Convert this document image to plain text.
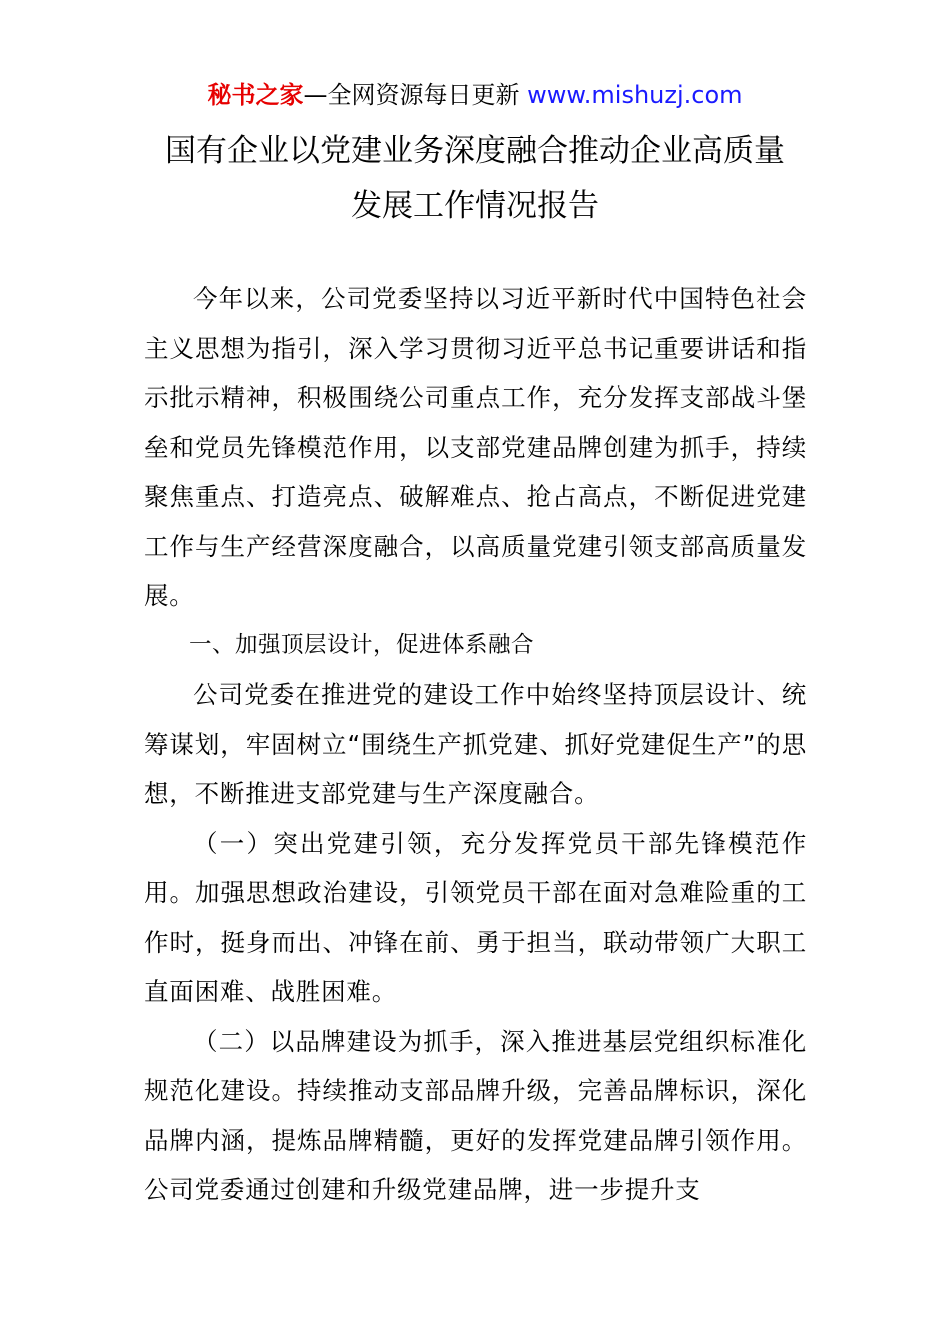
秘书之家—全网资源每日更新 www.mishuzj.com
国有企业以党建业务深度融合推动企业高质量
发展工作情况报告

今年以来，公司党委坚持以习近平新时代中国特色社会主义思想为指引，深入学习贯彻习近平总书记重要讲话和指示批示精神，积极围绕公司重点工作，充分发挥支部战斗堡垒和党员先锋模范作用，以支部党建品牌创建为抓手，持续聚焦重点、打造亮点、破解难点、抢占高点，不断促进党建工作与生产经营深度融合，以高质量党建引领支部高质量发展。

一、加强顶层设计，促进体系融合

公司党委在推进党的建设工作中始终坚持顶层设计、统筹谋划，牢固树立“围绕生产抓党建、抓好党建促生产”的思想，不断推进支部党建与生产深度融合。

（一）突出党建引领，充分发挥党员干部先锋模范作用。加强思想政治建设，引领党员干部在面对急难险重的工作时，挺身而出、冲锋在前、勇于担当，联动带领广大职工直面困难、战胜困难。

（二）以品牌建设为抓手，深入推进基层党组织标准化规范化建设。持续推动支部品牌升级，完善品牌标识，深化品牌内涵，提炼品牌精髓，更好的发挥党建品牌引领作用。公司党委通过创建和升级党建品牌，进一步提升支
